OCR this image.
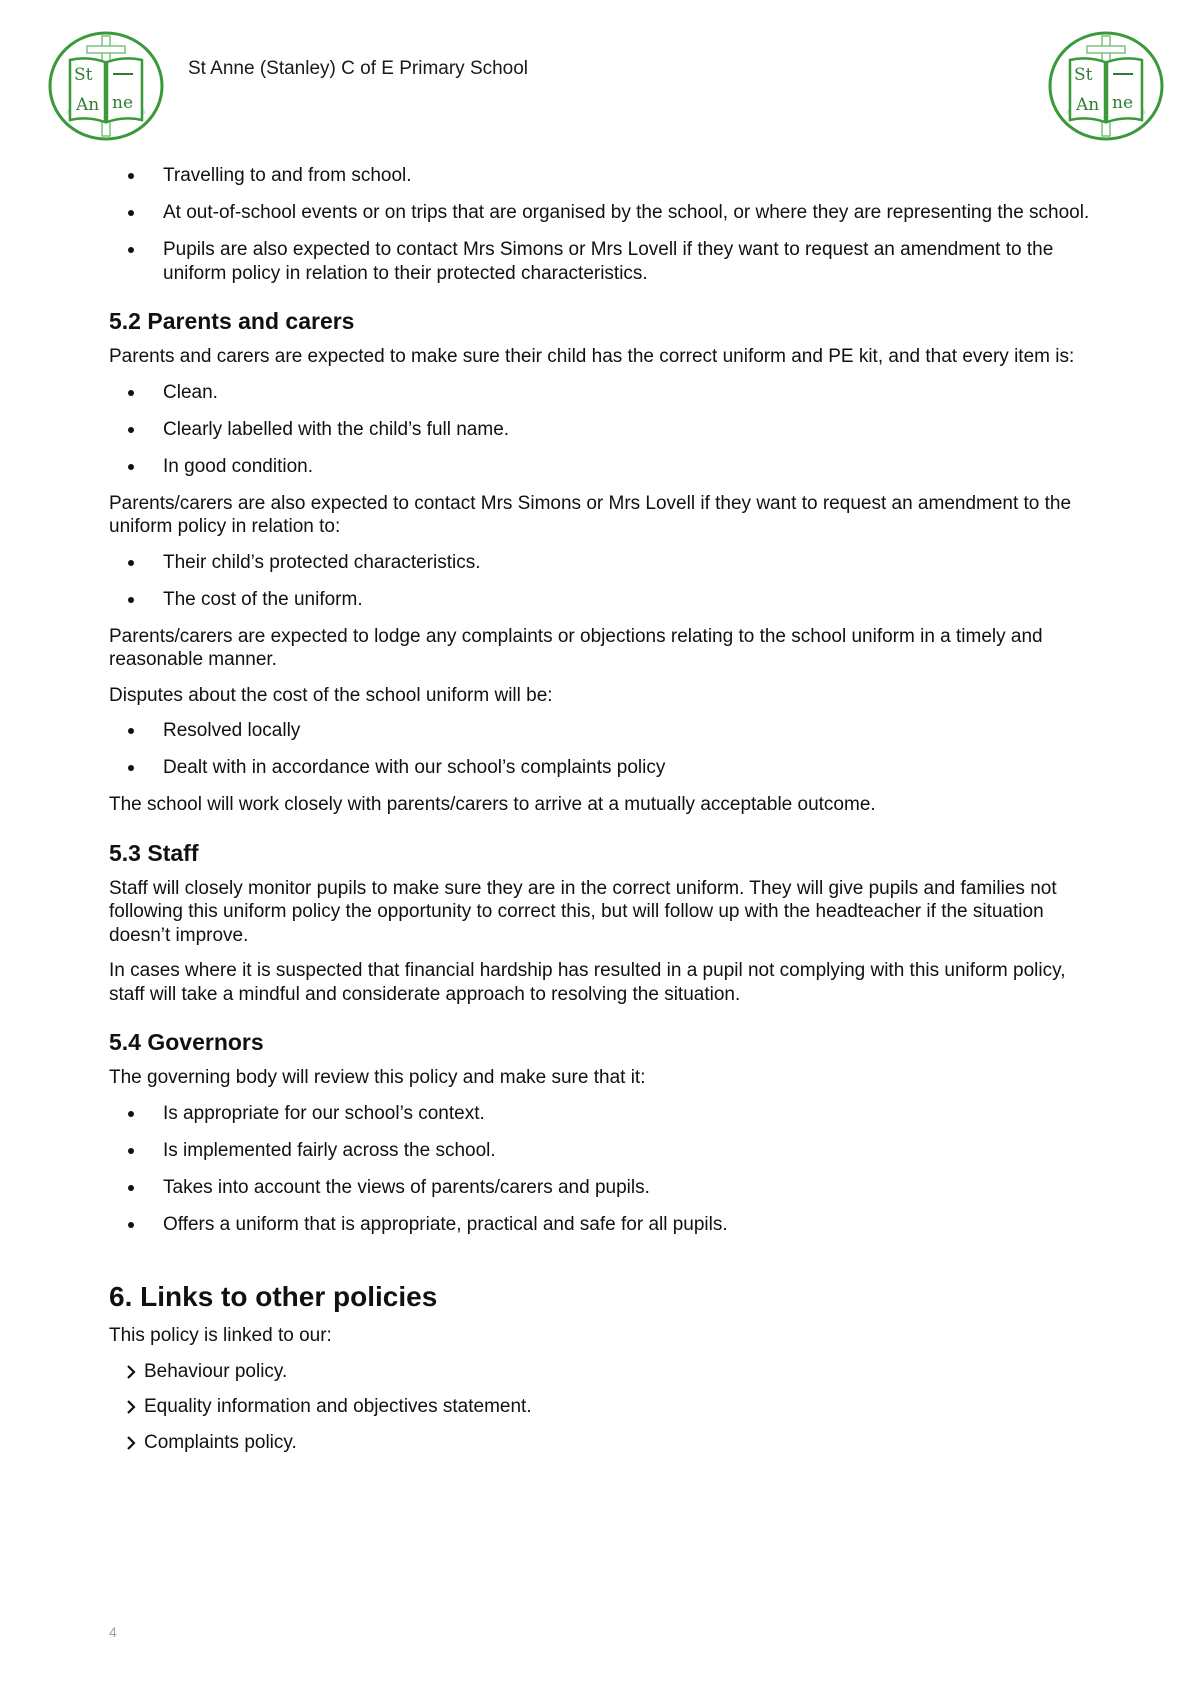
St
An ne
St Anne (Stanley) C of E Primary School	St
An ne
Travelling to and from school.
At out-of-school events or on trips that are organised by the school, or where they are representing the school.
Pupils are also expected to contact Mrs Simons or Mrs Lovell if they want to request an amendment to the uniform policy in relation to their protected characteristics.
5.2 Parents and carers

Parents and carers are expected to make sure their child has the correct uniform and PE kit, and that every item is:

Clean.
Clearly labelled with the child’s full name.
In good condition.

Parents/carers are also expected to contact Mrs Simons or Mrs Lovell if they want to request an amendment to the uniform policy in relation to:

Their child’s protected characteristics.
The cost of the uniform.

Parents/carers are expected to lodge any complaints or objections relating to the school uniform in a timely and reasonable manner.

Disputes about the cost of the school uniform will be:

Resolved locally
Dealt with in accordance with our school’s complaints policy

The school will work closely with parents/carers to arrive at a mutually acceptable outcome.

5.3 Staff

Staff will closely monitor pupils to make sure they are in the correct uniform. They will give pupils and families not following this uniform policy the opportunity to correct this, but will follow up with the headteacher if the situation doesn’t improve.

In cases where it is suspected that financial hardship has resulted in a pupil not complying with this uniform policy, staff will take a mindful and considerate approach to resolving the situation.

5.4 Governors

The governing body will review this policy and make sure that it:

Is appropriate for our school’s context.
Is implemented fairly across the school.
Takes into account the views of parents/carers and pupils.
Offers a uniform that is appropriate, practical and safe for all pupils.
6. Links to other policies

This policy is linked to our:

Behaviour policy.
Equality information and objectives statement.
Complaints policy.
4
